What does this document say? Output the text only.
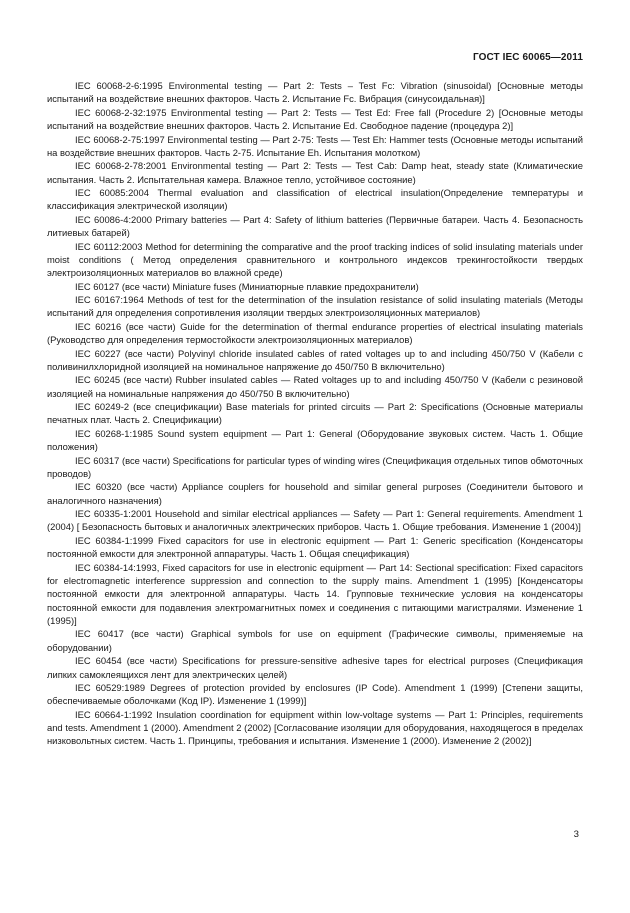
ГОСТ IEC 60065—2011

IEC 60068-2-6:1995 Environmental testing — Part 2: Tests – Test Fc: Vibration (sinusoidal) [Основные методы испытаний на воздействие внешних факторов. Часть 2. Испытание Fc. Вибрация (синусоидальная)]

IEC 60068-2-32:1975 Environmental testing — Part 2: Tests — Test Ed: Free fall (Procedure 2) [Основные методы испытаний на воздействие внешних факторов. Часть 2. Испытание Ed. Свободное падение (процедура 2)]

IEC 60068-2-75:1997 Environmental testing — Part 2-75: Tests — Test Eh: Hammer tests (Основные методы испытаний на воздействие внешних факторов. Часть 2-75. Испытание Eh. Испытания молотком)

IEC 60068-2-78:2001 Environmental testing — Part 2: Tests — Test Cab: Damp heat, steady state (Климатические испытания. Часть 2. Испытательная камера. Влажное тепло, устойчивое состояние)

IEC 60085:2004 Thermal evaluation and classification of electrical insulation(Определение температуры и классификация электрической изоляции)

IEC 60086-4:2000 Primary batteries — Part 4: Safety of lithium batteries (Первичные батареи. Часть 4. Безопасность литиевых батарей)

IEC 60112:2003 Method for determining the comparative and the proof tracking indices of solid insulating materials under moist conditions ( Метод определения сравнительного и контрольного индексов трекингостойкости твердых электроизоляционных материалов во влажной среде)

IEC 60127 (все части) Miniature fuses (Миниатюрные плавкие предохранители)

IEC 60167:1964 Methods of test for the determination of the insulation resistance of solid insulating materials (Методы испытаний для определения сопротивления изоляции твердых электроизоляционных материалов)

IEC 60216 (все части) Guide for the determination of thermal endurance properties of electrical insulating materials (Руководство для определения термостойкости электроизоляционных материалов)

IEC 60227 (все части) Polyvinyl chloride insulated cables of rated voltages up to and including 450/750 V (Кабели с поливинилхлоридной изоляцией на номинальное напряжение до 450/750 В включительно)

IEC 60245 (все части) Rubber insulated cables — Rated voltages up to and including 450/750 V (Кабели с резиновой изоляцией на номинальные напряжения до 450/750 В включительно)

IEC 60249-2 (все спецификации) Base materials for printed circuits — Part 2: Specifications (Основные материалы печатных плат. Часть 2. Спецификации)

IEC 60268-1:1985 Sound system equipment — Part 1: General (Оборудование звуковых систем. Часть 1. Общие положения)

IEC 60317 (все части) Specifications for particular types of winding wires (Спецификация отдельных типов обмоточных проводов)

IEC 60320 (все части) Appliance couplers for household and similar general purposes (Соединители бытового и аналогичного назначения)

IEC 60335-1:2001 Household and similar electrical appliances — Safety — Part 1: General requirements. Amendment 1 (2004) [ Безопасность бытовых и аналогичных электрических приборов. Часть 1. Общие требования. Изменение 1 (2004)]

IEC 60384-1:1999 Fixed capacitors for use in electronic equipment — Part 1: Generic specification (Конденсаторы постоянной емкости для электронной аппаратуры. Часть 1. Общая спецификация)

IEC 60384-14:1993, Fixed capacitors for use in electronic equipment — Part 14: Sectional specification: Fixed capacitors for electromagnetic interference suppression and connection to the supply mains. Amendment 1 (1995) [Конденсаторы постоянной емкости для электронной аппаратуры. Часть 14. Групповые технические условия на конденсаторы постоянной емкости для подавления электромагнитных помех и соединения с питающими магистралями. Изменение 1 (1995)]

IEC 60417 (все части) Graphical symbols for use on equipment (Графические символы, применяемые на оборудовании)

IEC 60454 (все части) Specifications for pressure-sensitive adhesive tapes for electrical purposes (Спецификация липких самоклеящихся лент для электрических целей)

IEC 60529:1989 Degrees of protection provided by enclosures (IP Code). Amendment 1 (1999) [Степени защиты, обеспечиваемые оболочками (Код IP). Изменение 1 (1999)]

IEC 60664-1:1992 Insulation coordination for equipment within low-voltage systems — Part 1: Principles, requirements and tests. Amendment 1 (2000). Amendment 2 (2002) [Согласование изоляции для оборудования, находящегося в пределах низковольтных систем. Часть 1. Принципы, требования и испытания. Изменение 1 (2000). Изменение 2 (2002)]

3
